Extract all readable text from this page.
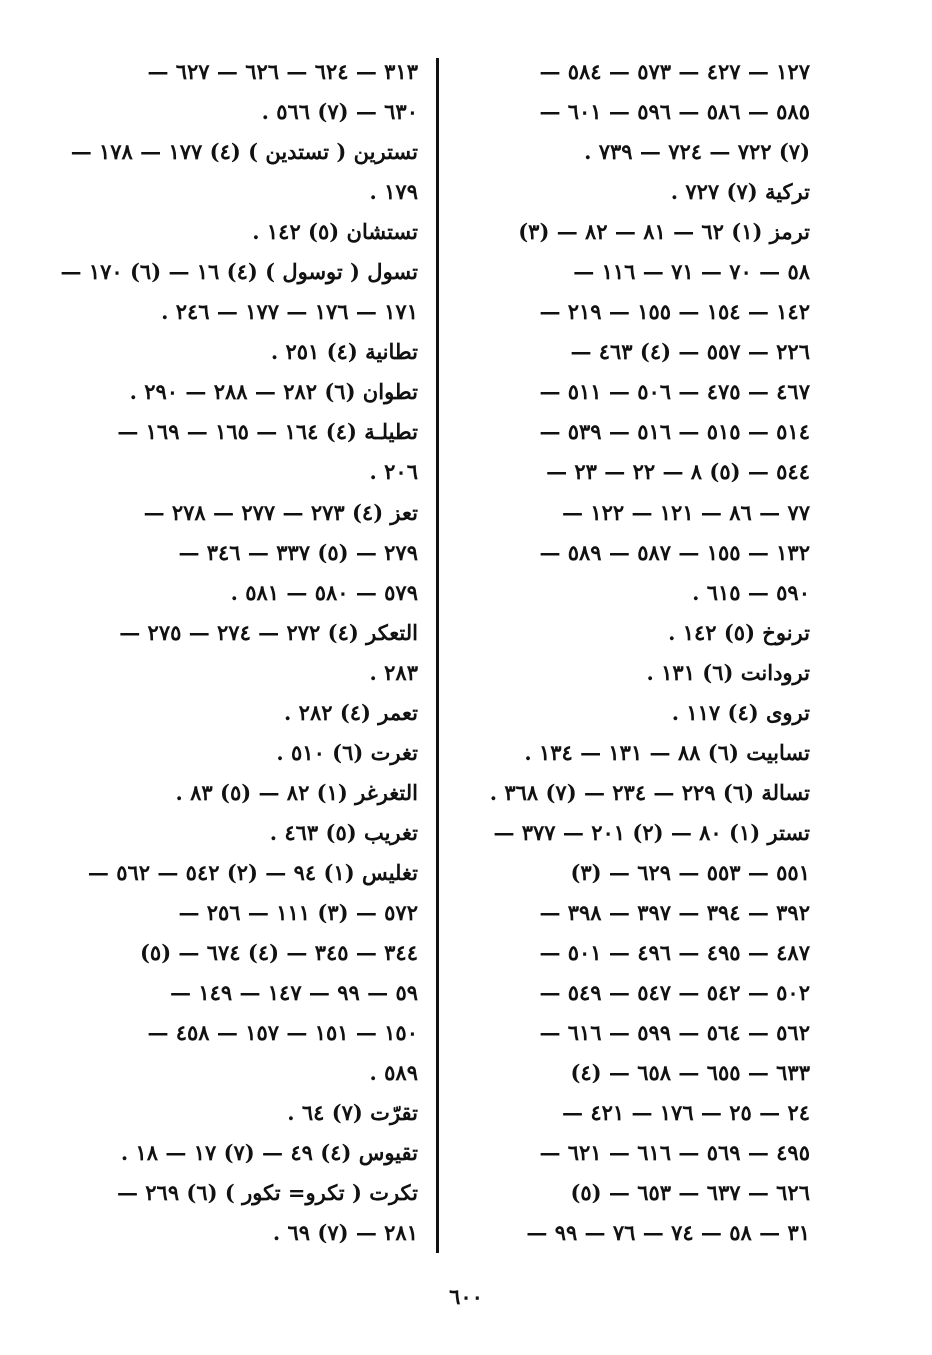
١٢٧ — ٤٢٧ — ٥٧٣ — ٥٨٤ —
٥٨٥ — ٥٨٦ — ٥٩٦ — ٦٠١ —
(٧) ٧٢٢ — ٧٢٤ — ٧٣٩ .
تركية (٧) ٧٢٧ .
ترمز (١) ٦٢ — ٨١ — ٨٢ — (٣)
٥٨ — ٧٠ — ٧١ — ١١٦ —
١٤٢ — ١٥٤ — ١٥٥ — ٢١٩ —
٢٢٦ — ٥٥٧ — (٤) ٤٦٣ —
٤٦٧ — ٤٧٥ — ٥٠٦ — ٥١١ —
٥١٤ — ٥١٥ — ٥١٦ — ٥٣٩ —
٥٤٤ — (٥) ٨ — ٢٢ — ٢٣ —
٧٧ — ٨٦ — ١٢١ — ١٢٢ —
١٣٢ — ١٥٥ — ٥٨٧ — ٥٨٩ —
٥٩٠ — ٦١٥ .
ترنوخ (٥) ١٤٢ .
ترودانت (٦) ١٣١ .
تروى (٤) ١١٧ .
تسابيت (٦) ٨٨ — ١٣١ — ١٣٤ .
تسالة (٦) ٢٢٩ — ٢٣٤ — (٧) ٣٦٨ .
تستر (١) ٨٠ — (٢) ٢٠١ — ٣٧٧ —
٥٥١ — ٥٥٣ — ٦٢٩ — (٣)
٣٩٢ — ٣٩٤ — ٣٩٧ — ٣٩٨ —
٤٨٧ — ٤٩٥ — ٤٩٦ — ٥٠١ —
٥٠٢ — ٥٤٢ — ٥٤٧ — ٥٤٩ —
٥٦٢ — ٥٦٤ — ٥٩٩ — ٦١٦ —
٦٣٣ — ٦٥٥ — ٦٥٨ — (٤)
٢٤ — ٢٥ — ١٧٦ — ٤٢١ —
٤٩٥ — ٥٦٩ — ٦١٦ — ٦٢١ —
٦٢٦ — ٦٣٧ — ٦٥٣ — (٥)
٣١ — ٥٨ — ٧٤ — ٧٦ — ٩٩ —
٣١٣ — ٦٢٤ — ٦٢٦ — ٦٢٧ —
٦٣٠ — (٧) ٥٦٦ .
تسترين ( تستدين ) (٤) ١٧٧ — ١٧٨ —
١٧٩ .
تستشان (٥) ١٤٢ .
تسول ( توسول ) (٤) ١٦ — (٦) ١٧٠ —
١٧١ — ١٧٦ — ١٧٧ — ٢٤٦ .
تطانية (٤) ٢٥١ .
تطوان (٦) ٢٨٢ — ٢٨٨ — ٢٩٠ .
تطيلـة (٤) ١٦٤ — ١٦٥ — ١٦٩ —
٢٠٦ .
تعز (٤) ٢٧٣ — ٢٧٧ — ٢٧٨ —
٢٧٩ — (٥) ٣٣٧ — ٣٤٦ —
٥٧٩ — ٥٨٠ — ٥٨١ .
التعكر (٤) ٢٧٢ — ٢٧٤ — ٢٧٥ —
٢٨٣ .
تعمر (٤) ٢٨٢ .
تغرت (٦) ٥١٠ .
التغرغر (١) ٨٢ — (٥) ٨٣ .
تغريب (٥) ٤٦٣ .
تغليس (١) ٩٤ — (٢) ٥٤٢ — ٥٦٢ —
٥٧٢ — (٣) ١١١ — ٢٥٦ —
٣٤٤ — ٣٤٥ — (٤) ٦٧٤ — (٥)
٥٩ — ٩٩ — ١٤٧ — ١٤٩ —
١٥٠ — ١٥١ — ١٥٧ — ٤٥٨ —
٥٨٩ .
تقرّت (٧) ٦٤ .
تقيوس (٤) ٤٩ — (٧) ١٧ — ١٨ .
تكرت ( تكرو= تكور ) (٦) ٢٦٩ —
٢٨١ — (٧) ٦٩ .
٦٠٠
